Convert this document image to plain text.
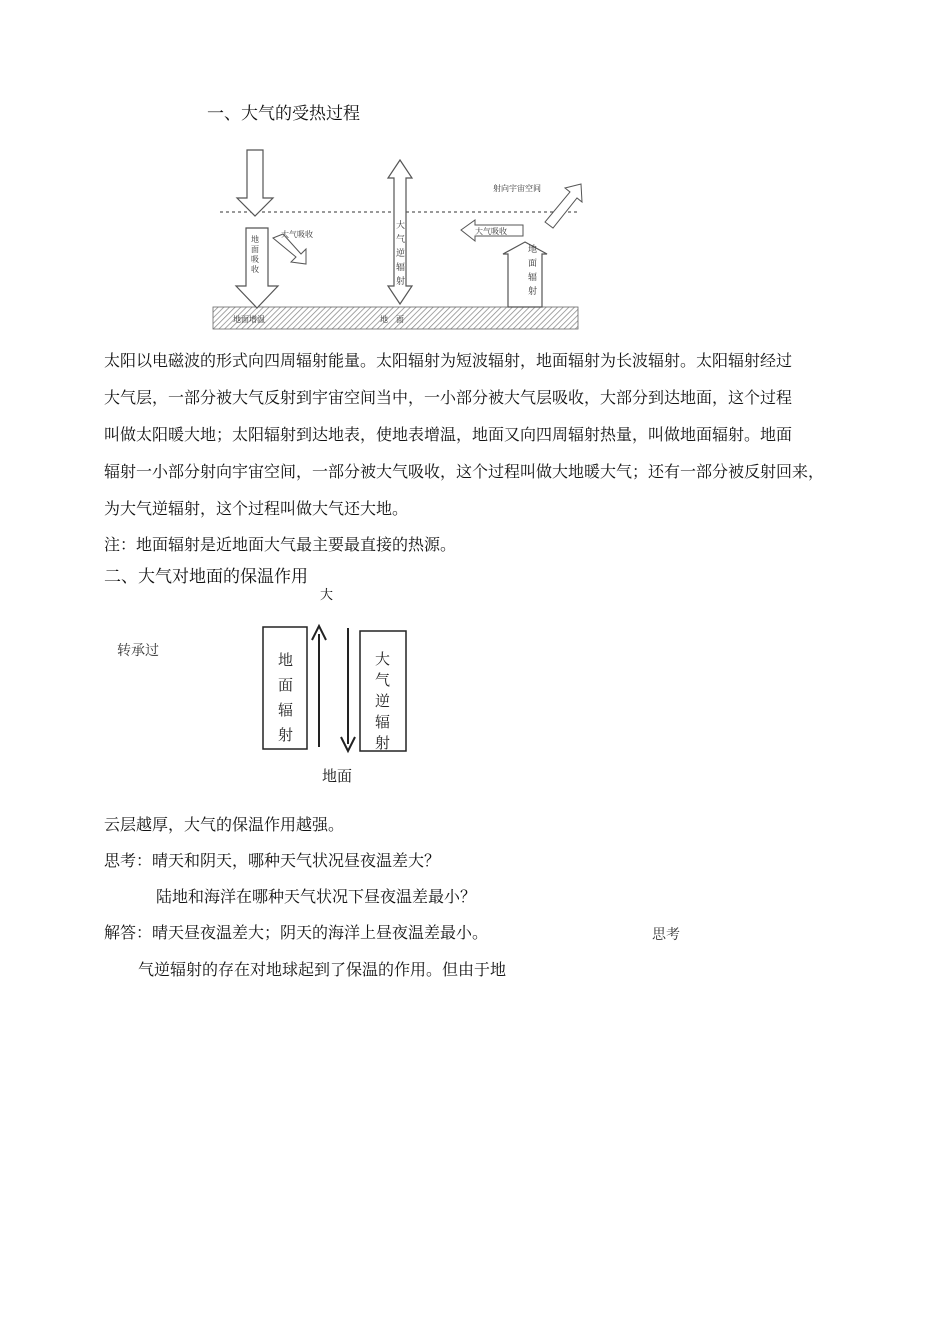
一、大气的受热过程
射向宇宙空间
大气吸收	大气吸收
地
面
吸
收
大
气
逆
辐
射
地
面
辐
射
地面增温	地　面
太阳以电磁波的形式向四周辐射能量。太阳辐射为短波辐射，地面辐射为长波辐射。太阳辐射经过
大气层，一部分被大气反射到宇宙空间当中，一小部分被大气层吸收，大部分到达地面，这个过程
叫做太阳暖大地；太阳辐射到达地表，使地表增温，地面又向四周辐射热量，叫做地面辐射。地面
辐射一小部分射向宇宙空间，一部分被大气吸收，这个过程叫做大地暖大气；还有一部分被反射回来，
为大气逆辐射，这个过程叫做大气还大地。
注：地面辐射是近地面大气最主要最直接的热源。
二、大气对地面的保温作用
大
转承过	地
面
辐
射
大
气
逆
辐
射
地面
云层越厚，大气的保温作用越强。
思考：晴天和阴天，哪种天气状况昼夜温差大？
陆地和海洋在哪种天气状况下昼夜温差最小？
解答：晴天昼夜温差大；阴天的海洋上昼夜温差最小。	思考
气逆辐射的存在对地球起到了保温的作用。但由于地
